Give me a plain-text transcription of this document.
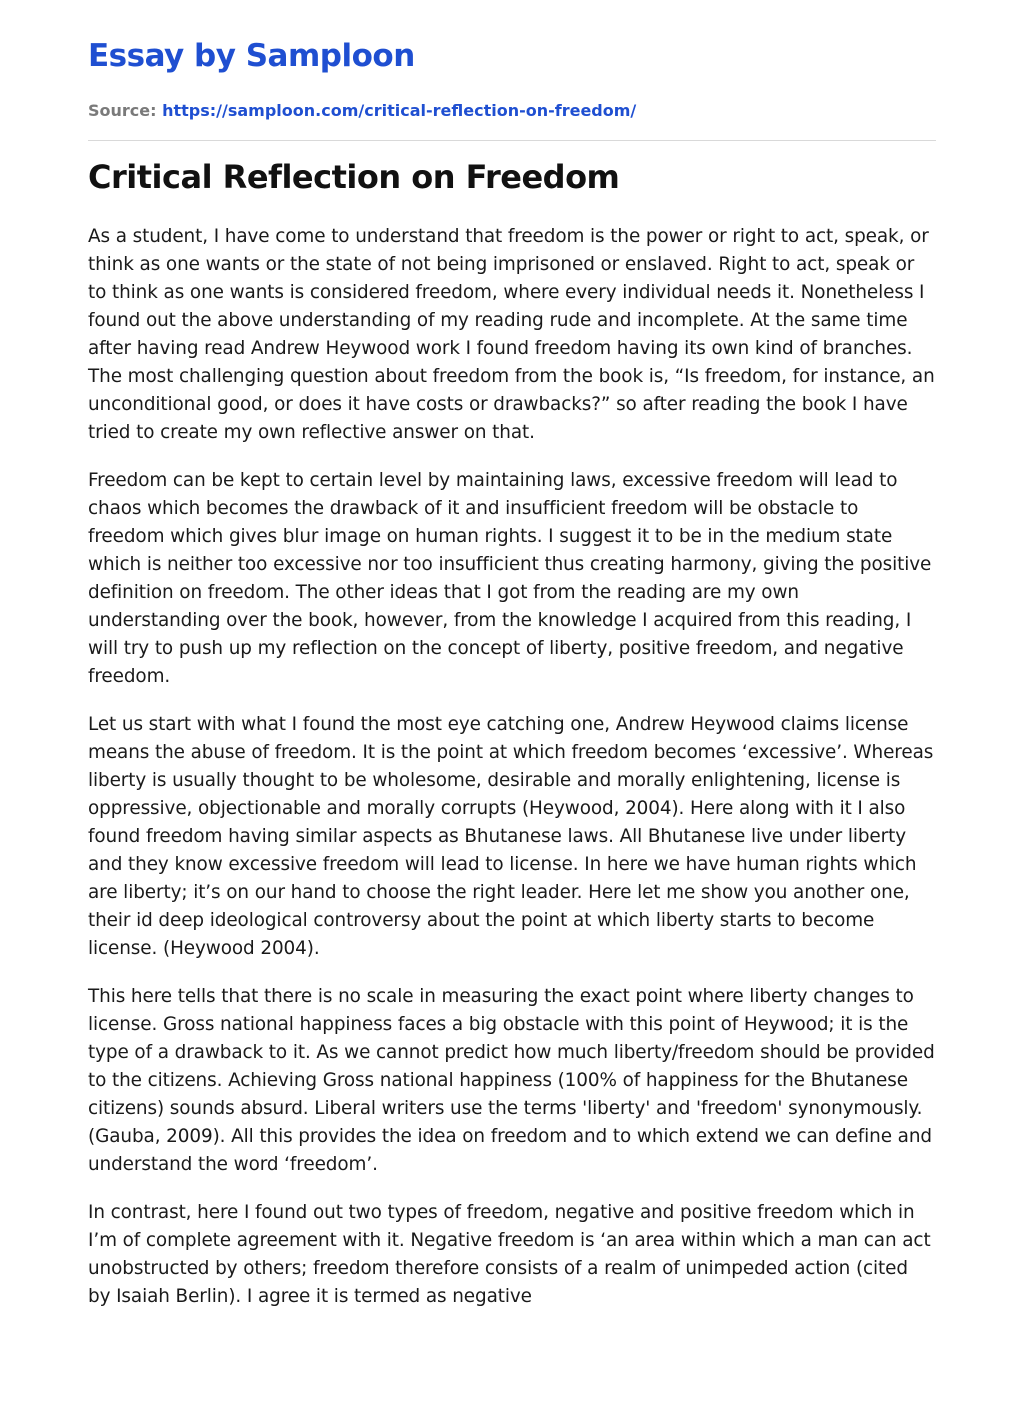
Essay by Samploon
Source: https://samploon.com/critical-reflection-on-freedom/
Critical Reflection on Freedom

As a student, I have come to understand that freedom is the power or right to act, speak, or think as one wants or the state of not being imprisoned or enslaved. Right to act, speak or to think as one wants is considered freedom, where every individual needs it. Nonetheless I found out the above understanding of my reading rude and incomplete. At the same time after having read Andrew Heywood work I found freedom having its own kind of branches. The most challenging question about freedom from the book is, “Is freedom, for instance, an unconditional good, or does it have costs or drawbacks?” so after reading the book I have tried to create my own reflective answer on that.

Freedom can be kept to certain level by maintaining laws, excessive freedom will lead to chaos which becomes the drawback of it and insufficient freedom will be obstacle to freedom which gives blur image on human rights. I suggest it to be in the medium state which is neither too excessive nor too insufficient thus creating harmony, giving the positive definition on freedom. The other ideas that I got from the reading are my own understanding over the book, however, from the knowledge I acquired from this reading, I will try to push up my reflection on the concept of liberty, positive freedom, and negative freedom.

Let us start with what I found the most eye catching one, Andrew Heywood claims license means the abuse of freedom. It is the point at which freedom becomes ‘excessive’. Whereas liberty is usually thought to be wholesome, desirable and morally enlightening, license is oppressive, objectionable and morally corrupts (Heywood, 2004). Here along with it I also found freedom having similar aspects as Bhutanese laws. All Bhutanese live under liberty and they know excessive freedom will lead to license. In here we have human rights which are liberty; it’s on our hand to choose the right leader. Here let me show you another one, their id deep ideological controversy about the point at which liberty starts to become license. (Heywood 2004).

This here tells that there is no scale in measuring the exact point where liberty changes to license. Gross national happiness faces a big obstacle with this point of Heywood; it is the type of a drawback to it. As we cannot predict how much liberty/freedom should be provided to the citizens. Achieving Gross national happiness (100% of happiness for the Bhutanese citizens) sounds absurd. Liberal writers use the terms 'liberty' and 'freedom' synonymously. (Gauba, 2009). All this provides the idea on freedom and to which extend we can define and understand the word ‘freedom’.

In contrast, here I found out two types of freedom, negative and positive freedom which in I’m of complete agreement with it. Negative freedom is ‘an area within which a man can act unobstructed by others; freedom therefore consists of a realm of unimpeded action (cited by Isaiah Berlin). I agree it is termed as negative
